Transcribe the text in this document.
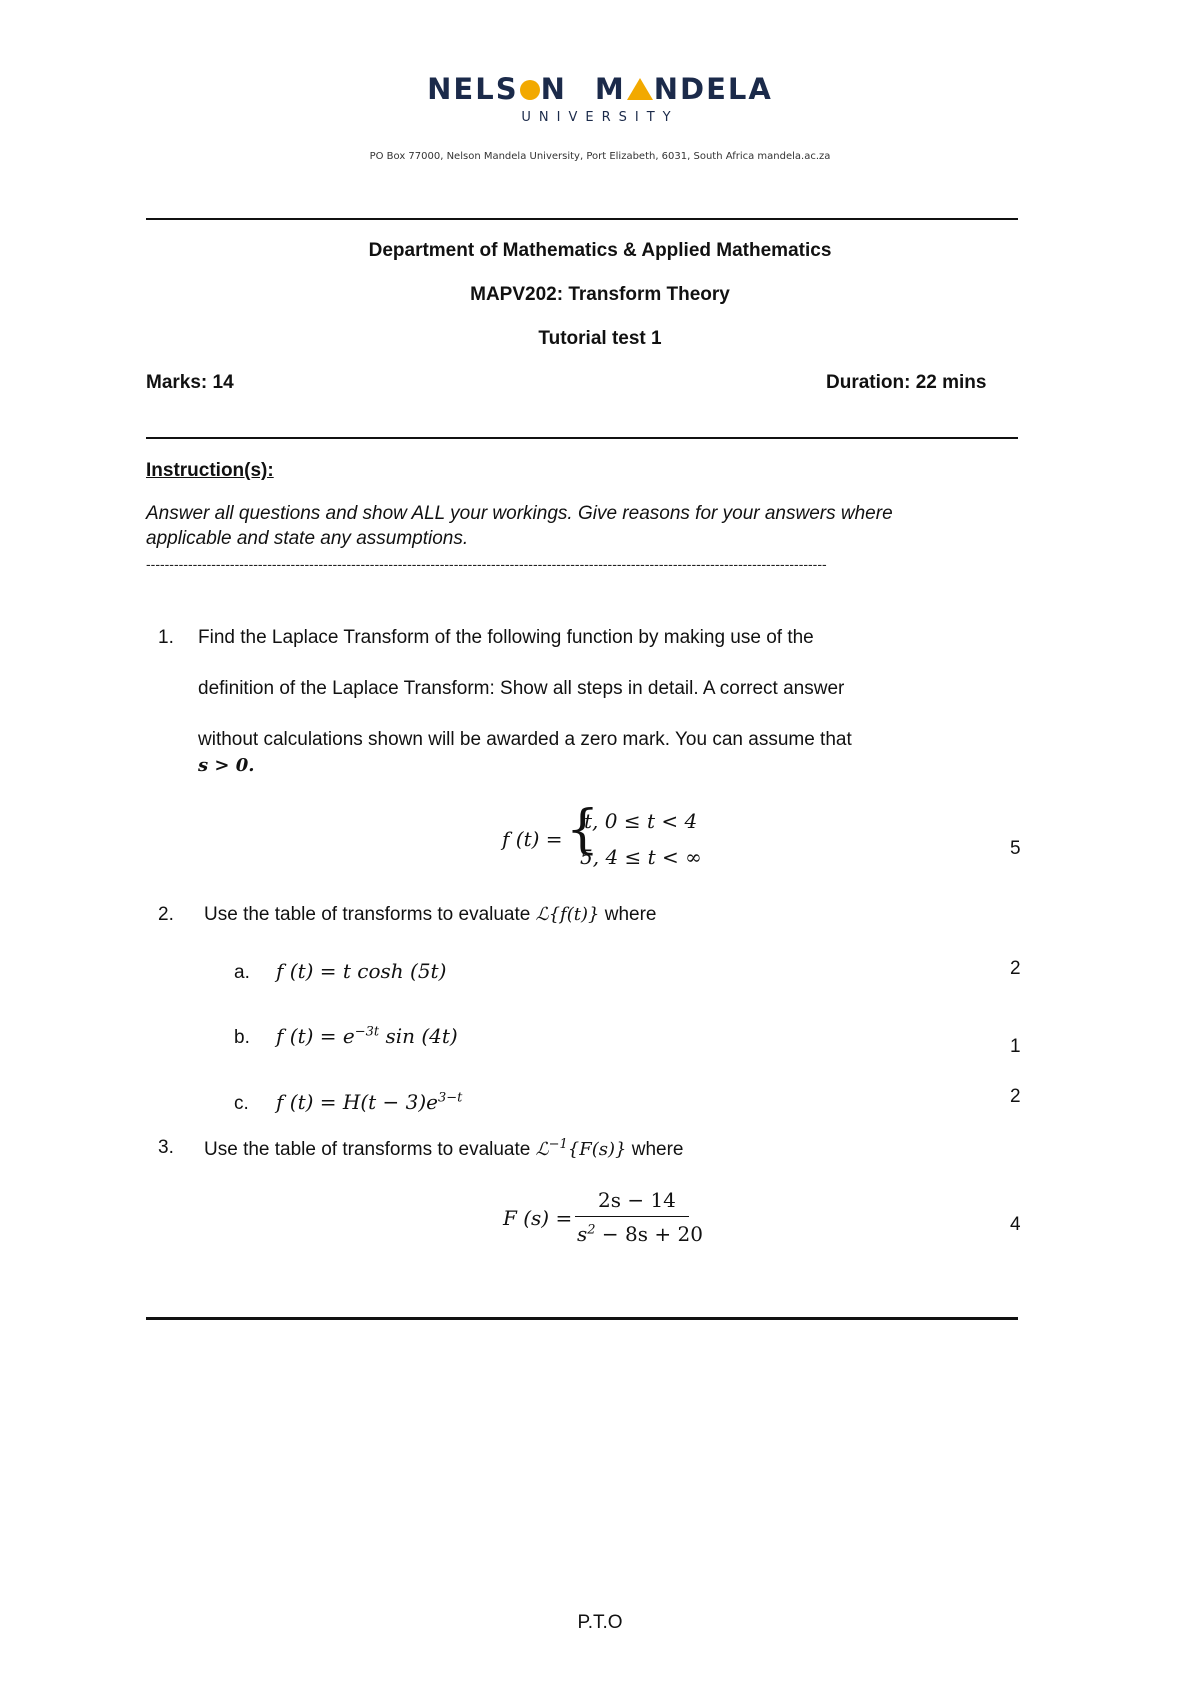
NELS N M NDELA
UNIVERSITY
PO Box 77000, Nelson Mandela University, Port Elizabeth, 6031, South Africa mandela.ac.za
Department of Mathematics & Applied Mathematics
MAPV202: Transform Theory
Tutorial test 1
Marks: 14	Duration: 22 mins
Instruction(s):
Answer all questions and show ALL your workings. Give reasons for your answers where
applicable and state any assumptions.
--------------------------------------------------------------------------------------------------------------------------------------------------
1. Find the Laplace Transform of the following function by making use of the
definition of the Laplace Transform: Show all steps in detail. A correct answer
without calculations shown will be awarded a zero mark. You can assume that
s > 0.
f (t) = {
t, 0 ≤ t < 4
5, 4 ≤ t < ∞	5
2. Use the table of transforms to evaluate ℒ{f(t)} where
a. f (t) = t cosh (5t)	2
b. f $(t) = e^{-3t}$ sin (4t)	1
c. f $(t) = H(t - 3)e^{3-t}$	2
3. Use the table of transforms to evaluate ℒ$^{-1}${F(s)} where
F (s) =
2s − 14
$s^2 - 8s + 20$	4
P.T.O
